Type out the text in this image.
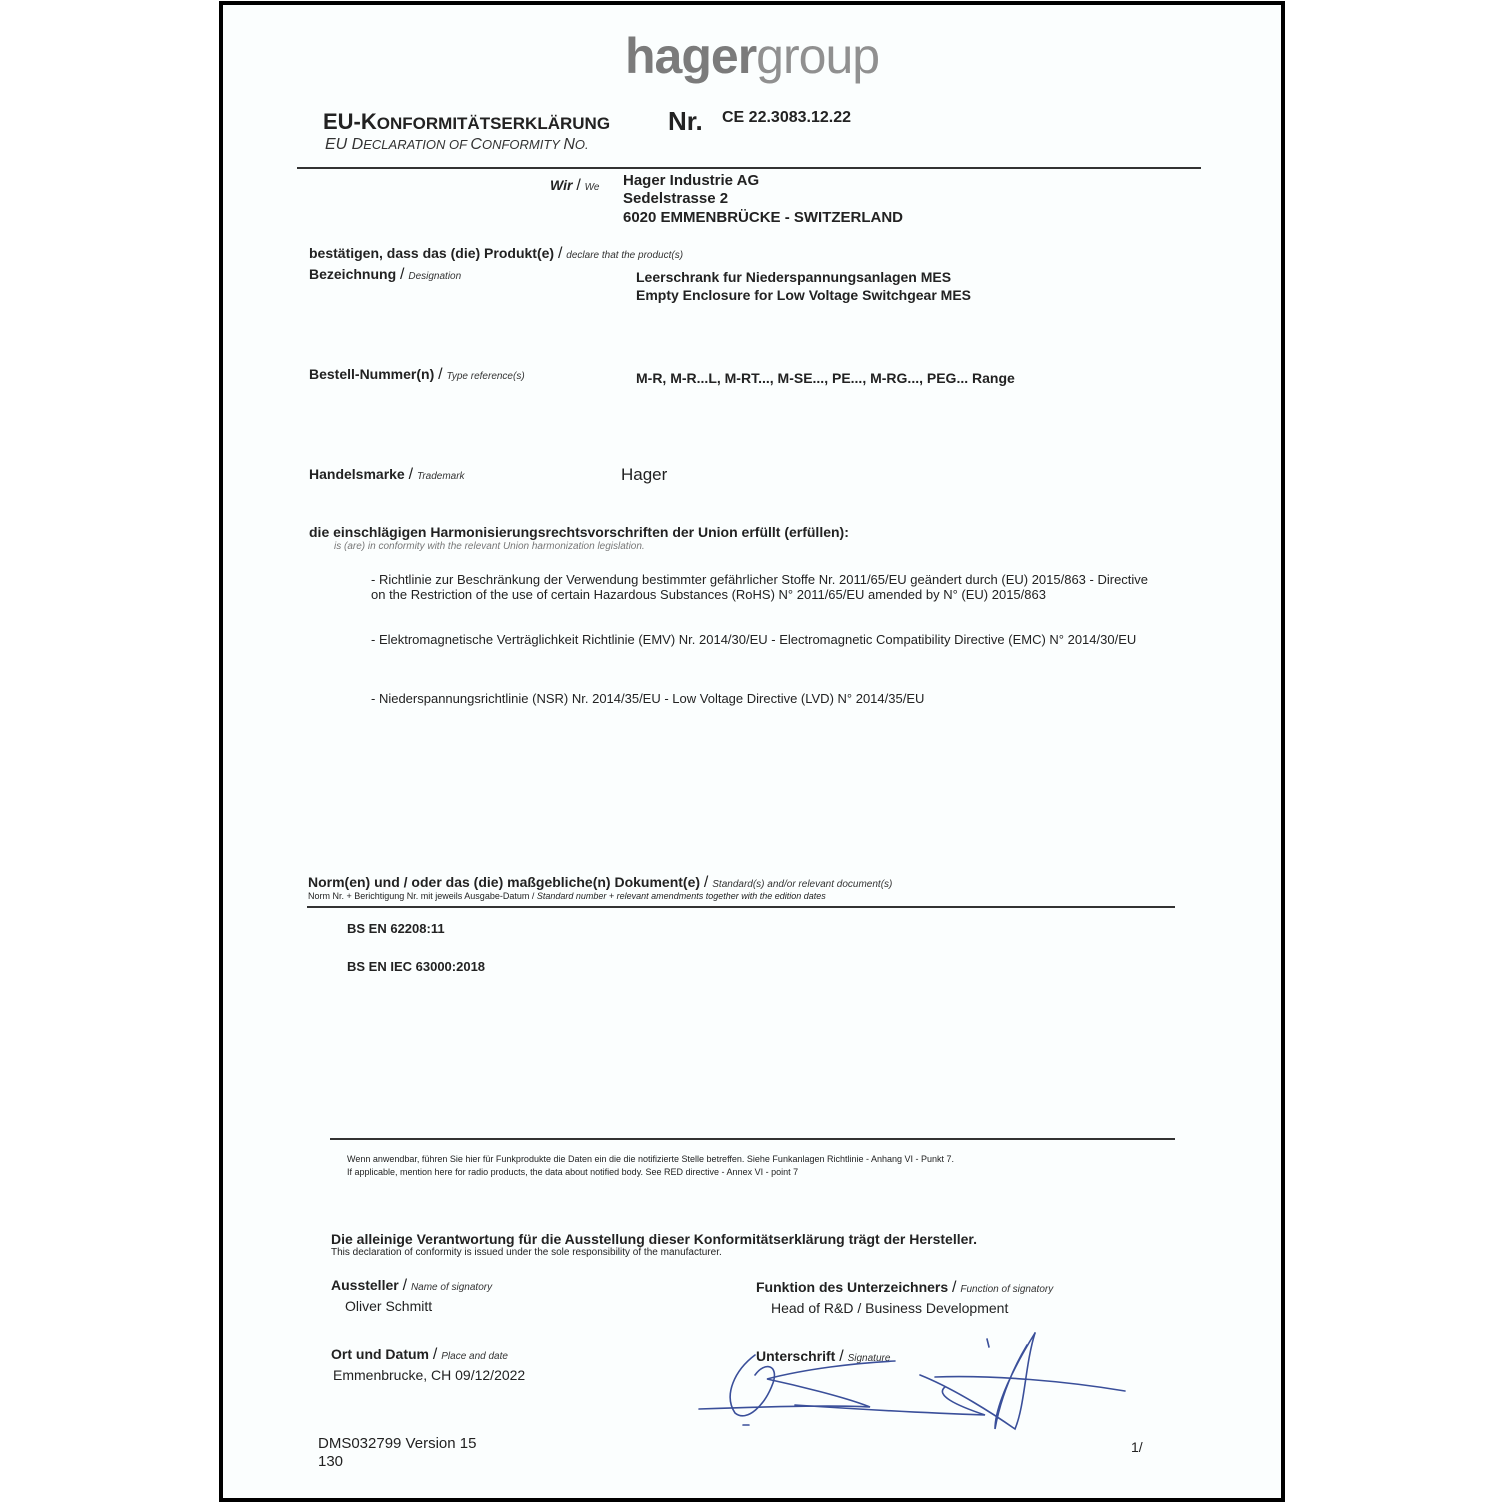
hagergroup
EU-KONFORMITÄTSERKLÄRUNG Nr. CE 22.3083.12.22
EU DECLARATION OF CONFORMITY NO.
Wir / We Hager Industrie AG
Sedelstrasse 2
6020 EMMENBRÜCKE - SWITZERLAND
bestätigen, dass das (die) Produkt(e) / declare that the product(s)
Bezeichnung / Designation	Leerschrank fur Niederspannungsanlagen MES
Empty Enclosure for Low Voltage Switchgear MES
Bestell-Nummer(n) / Type reference(s)	M-R, M-R...L, M-RT..., M-SE..., PE..., M-RG..., PEG... Range
Handelsmarke / Trademark	Hager
die einschlägigen Harmonisierungsrechtsvorschriften der Union erfüllt (erfüllen):
is (are) in conformity with the relevant Union harmonization legislation.
- Richtlinie zur Beschränkung der Verwendung bestimmter gefährlicher Stoffe Nr. 2011/65/EU geändert durch (EU) 2015/863 - Directive
on the Restriction of the use of certain Hazardous Substances (RoHS) N° 2011/65/EU amended by N° (EU) 2015/863
- Elektromagnetische Verträglichkeit Richtlinie (EMV) Nr. 2014/30/EU - Electromagnetic Compatibility Directive (EMC) N° 2014/30/EU
- Niederspannungsrichtlinie (NSR) Nr. 2014/35/EU - Low Voltage Directive (LVD) N° 2014/35/EU
Norm(en) und / oder das (die) maßgebliche(n) Dokument(e) / Standard(s) and/or relevant document(s)
Norm Nr. + Berichtigung Nr. mit jeweils Ausgabe-Datum / Standard number + relevant amendments together with the edition dates
BS EN 62208:11
BS EN IEC 63000:2018
Wenn anwendbar, führen Sie hier für Funkprodukte die Daten ein die die notifizierte Stelle betreffen. Siehe Funkanlagen Richtlinie - Anhang VI - Punkt 7.
If applicable, mention here for radio products, the data about notified body. See RED directive - Annex VI - point 7
Die alleinige Verantwortung für die Ausstellung dieser Konformitätserklärung trägt der Hersteller.
This declaration of conformity is issued under the sole responsibility of the manufacturer.
Aussteller / Name of signatory
Oliver Schmitt
Funktion des Unterzeichners / Function of signatory
Head of R&D / Business Development
Ort und Datum / Place and date
Emmenbrucke, CH 09/12/2022
Unterschrift / Signature
DMS032799 Version 15
130
1/
